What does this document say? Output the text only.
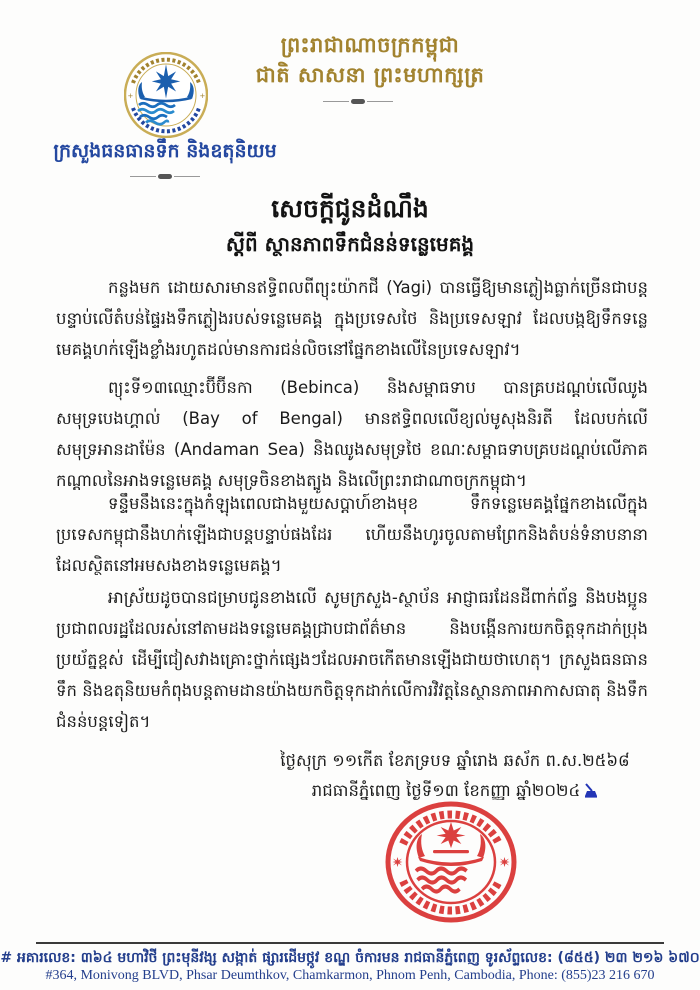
ព្រះរាជាណាចក្រកម្ពុជា
ជាតិ សាសនា ព្រះមហាក្សត្រ
+	+
ក្រសួងធនធានទឹក និងឧតុនិយម
សេចក្តីជូនដំណឹង
ស្តីពី ស្ថានភាពទឹកជំនន់ទន្លេមេគង្គ

កន្លងមក ដោយសារមានឥទ្ធិពលពីព្យុះយ៉ាកជី (Yagi) បានធ្វើឱ្យមានភ្លៀងធ្លាក់ច្រើនជាបន្តបន្ទាប់លើតំបន់ផ្ទៃរងទឹកភ្លៀងរបស់ទន្លេមេគង្គ ក្នុងប្រទេសថៃ និងប្រទេសឡាវ ដែលបង្កឱ្យទឹកទន្លេមេគង្គហក់ឡើងខ្លាំងរហូតដល់មានការជន់លិចនៅផ្នែកខាងលើនៃប្រទេសឡាវ។

ព្យុះទី១៣ឈ្មោះប៊ីប៊ីនកា (Bebinca) និងសម្ពាធទាប បានគ្របដណ្តប់លើឈូងសមុទ្របេងហ្គាល់ (Bay of Bengal) មានឥទ្ធិពលលើខ្យល់មូសុងនិរតី ដែលបក់លើសមុទ្រអានដាម៉ែន (Andaman Sea) និងឈូងសមុទ្រថៃ ខណៈសម្ពាធទាបគ្របដណ្តប់លើភាគកណ្តាលនៃអាងទន្លេមេគង្គ សមុទ្រចិនខាងត្បូង និងលើព្រះរាជាណាចក្រកម្ពុជា។

ទន្ទឹមនឹងនេះក្នុងកំឡុងពេលជាងមួយសប្តាហ៍ខាងមុខ ទឹកទន្លេមេគង្គផ្នែកខាងលើក្នុងប្រទេសកម្ពុជានឹងហក់ឡើងជាបន្តបន្ទាប់ផងដែរ ហើយនឹងហូរចូលតាមព្រែកនិងតំបន់ទំនាបនានា ដែលស្ថិតនៅអមសងខាងទន្លេមេគង្គ។

អាស្រ័យដូចបានជម្រាបជូនខាងលើ សូមក្រសួង-ស្ថាប័ន អាជ្ញាធរដែនដីពាក់ព័ន្ធ និងបងប្អូនប្រជាពលរដ្ឋដែលរស់នៅតាមដងទន្លេមេគង្គជ្រាបជាព័ត៌មាន និងបង្កើនការយកចិត្តទុកដាក់ប្រុងប្រយ័ត្នខ្ពស់ ដើម្បីជៀសវាងគ្រោះថ្នាក់ផ្សេងៗដែលអាចកើតមានឡើងជាយថាហេតុ។ ក្រសួងធនធានទឹក និងឧតុនិយមកំពុងបន្តតាមដានយ៉ាងយកចិត្តទុកដាក់លើការវិវត្តនៃស្ថានភាពអាកាសធាតុ និងទឹកជំនន់បន្តទៀត។

ថ្ងៃសុក្រ ១១កើត ខែភទ្របទ ឆ្នាំរោង ឆស័ក ព.ស.២៥៦៨
រាជធានីភ្នំពេញ ថ្ងៃទី១៣ ខែកញ្ញា ឆ្នាំ២០២៤
# អគារលេខ: ៣៦៤ មហាវិថី ព្រះមុនីវង្ស សង្កាត់ ផ្សារដើមថ្កូវ ខណ្ឌ ចំការមន រាជធានីភ្នំពេញ ទូរស័ព្ទលេខ: (៨៥៥) ២៣ ២១៦ ៦៧០
#364, Monivong BLVD, Phsar Deumthkov, Chamkarmon, Phnom Penh, Cambodia, Phone: (855)23 216 670
